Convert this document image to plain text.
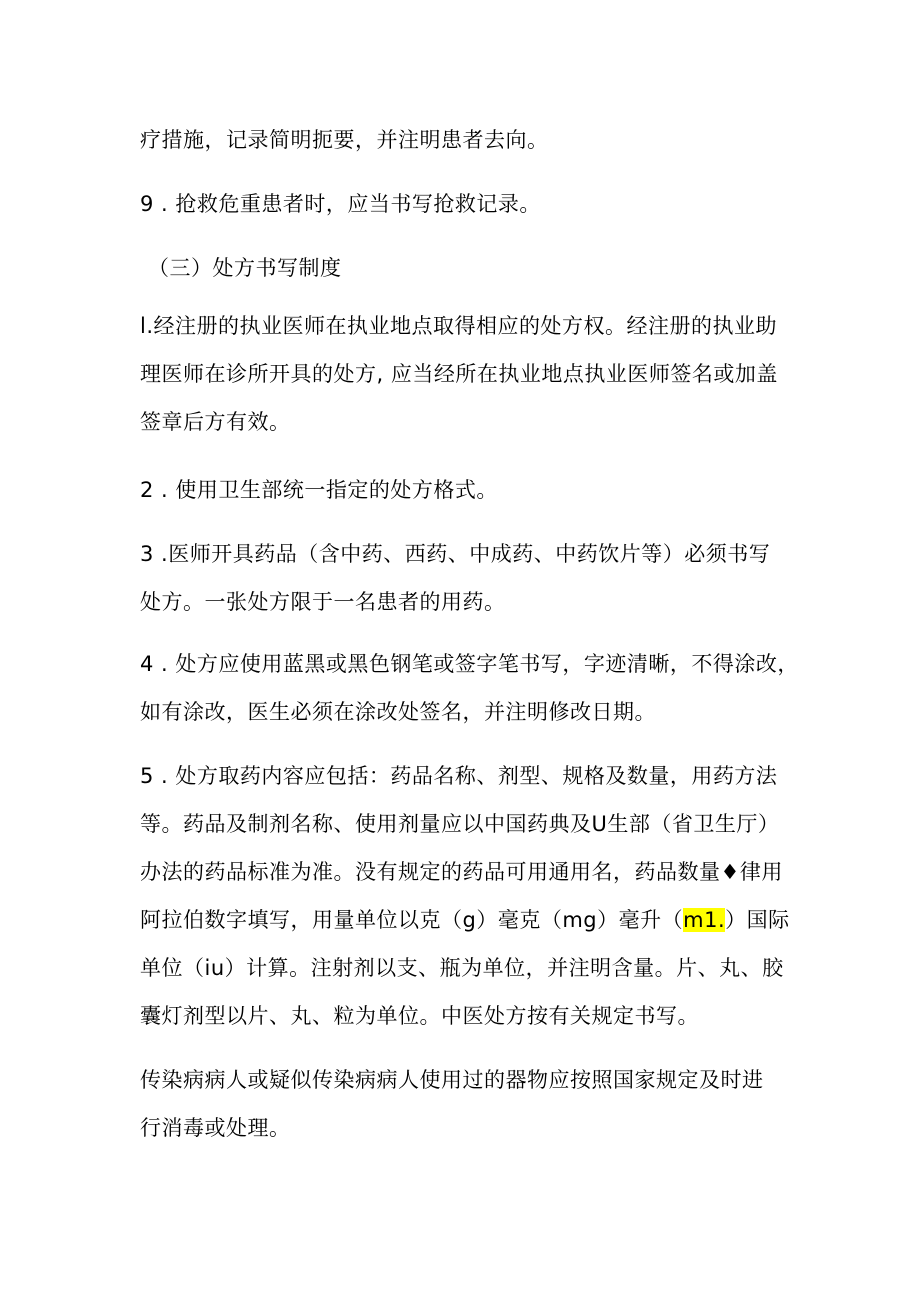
疗措施，记录简明扼要，并注明患者去向。

9 . 抢救危重患者时，应当书写抢救记录。

（三）处方书写制度

l.经注册的执业医师在执业地点取得相应的处方权。经注册的执业助
理医师在诊所开具的处方, 应当经所在执业地点执业医师签名或加盖
签章后方有效。

2 . 使用卫生部统一指定的处方格式。

3 .医师开具药品（含中药、西药、中成药、中药饮片等）必须书写
处方。一张处方限于一名患者的用药。

4 . 处方应使用蓝黑或黑色钢笔或签字笔书写，字迹清晰，不得涂改，
如有涂改，医生必须在涂改处签名，并注明修改日期。

5 . 处方取药内容应包括：药品名称、剂型、规格及数量，用药方法
等。药品及制剂名称、使用剂量应以中国药典及U生部（省卫生厅）
办法的药品标准为准。没有规定的药品可用通用名，药品数量♦律用
阿拉伯数字填写，用量单位以克（g）毫克（mg）毫升（m1.）国际
单位（iu）计算。注射剂以支、瓶为单位，并注明含量。片、丸、胶
囊灯剂型以片、丸、粒为单位。中医处方按有关规定书写。

传染病病人或疑似传染病病人使用过的器物应按照国家规定及时进
行消毒或处理。
